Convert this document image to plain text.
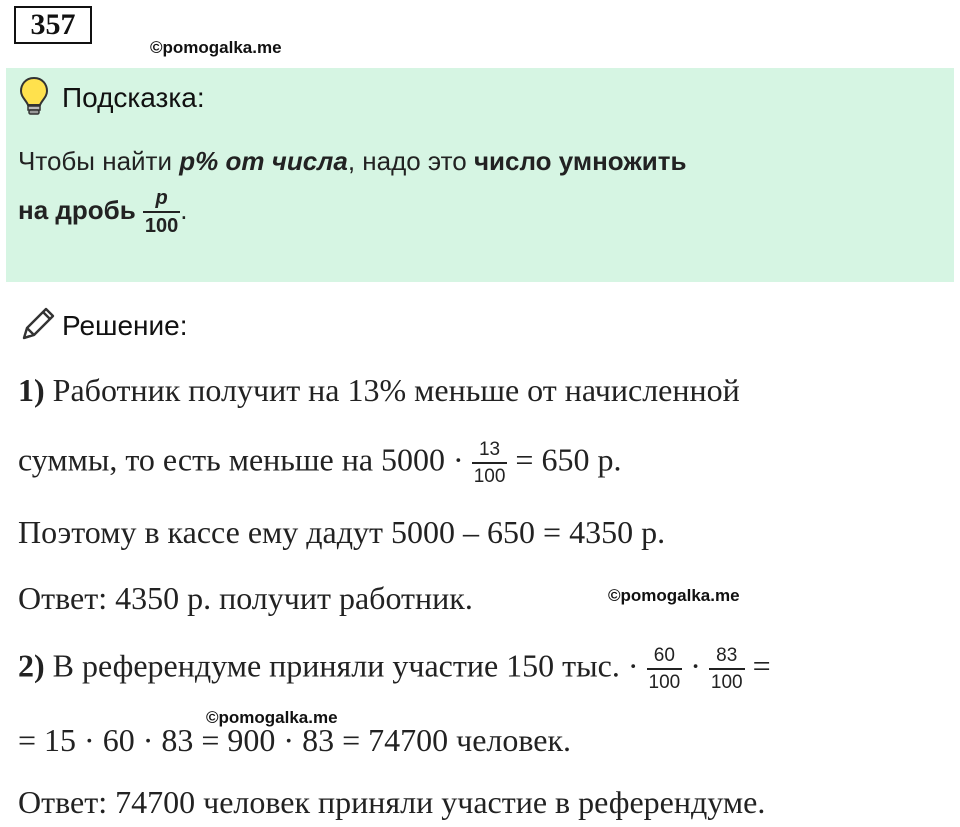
357
©pomogalka.me
Подсказка:
Чтобы найти p% от числа, надо это число умножить
на дробь $\frac{p}{100}$ .
Решение:
1) Работник получит на 13% меньше от начисленной
суммы, то есть меньше на $5000 \cdot \frac{13}{100} = 650$ р.
Поэтому в кассе ему дадут 5000 – 650 = 4350 р.
Ответ: 4350 р. получит работник.	©pomogalka.me
2) В референдуме приняли участие 150 тыс. · $\frac{60}{100} \cdot \frac{83}{100}$ =
©pomogalka.me
= 15 · 60 · 83 = 900 · 83 = 74700 человек.
Ответ: 74700 человек приняли участие в референдуме.
